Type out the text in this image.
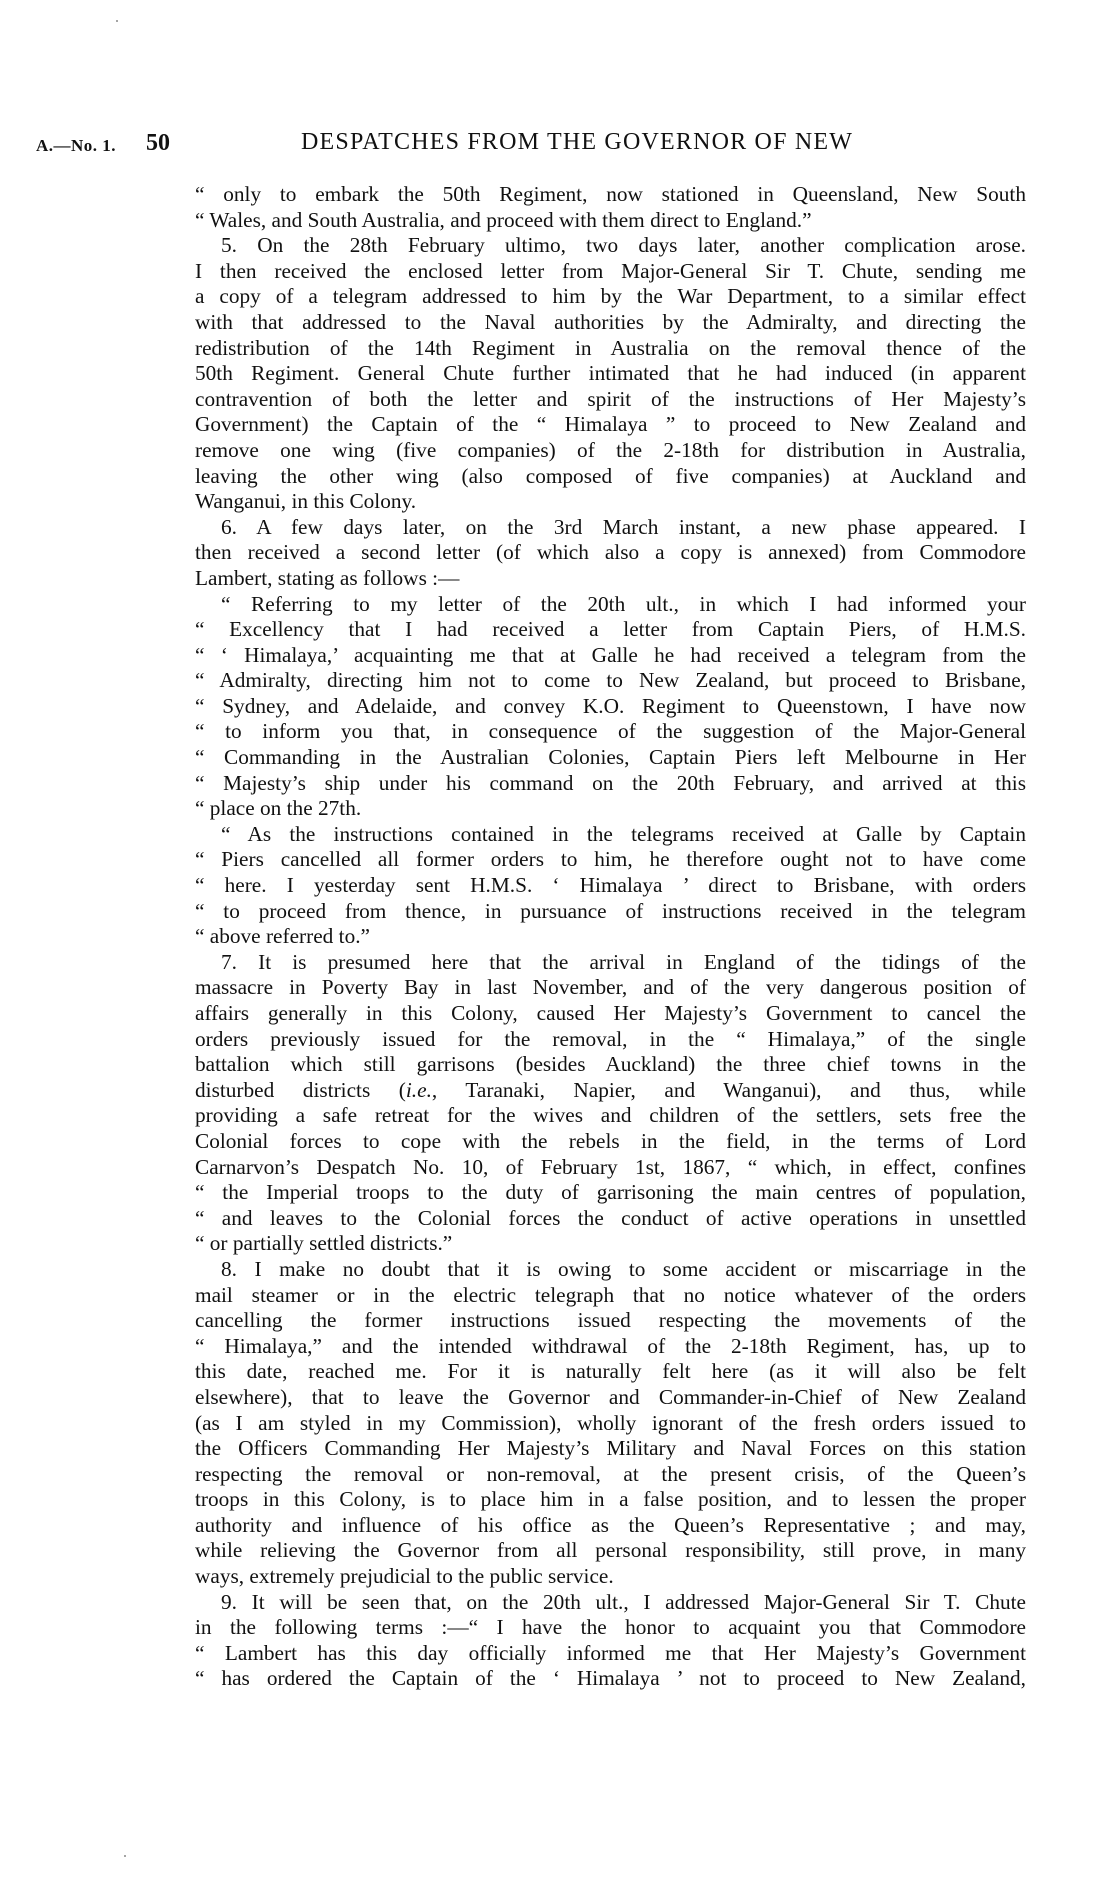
A.—No. 1. 50	DESPATCHES FROM THE GOVERNOR OF NEW
“ only to embark the 50th Regiment, now stationed in Queensland, New South
“ Wales, and South Australia, and proceed with them direct to England.”
5. On the 28th February ultimo, two days later, another complication arose.
I then received the enclosed letter from Major-General Sir T. Chute, sending me
a copy of a telegram addressed to him by the War Department, to a similar effect
with that addressed to the Naval authorities by the Admiralty, and directing the
redistribution of the 14th Regiment in Australia on the removal thence of the
50th Regiment. General Chute further intimated that he had induced (in apparent
contravention of both the letter and spirit of the instructions of Her Majesty’s
Government) the Captain of the “ Himalaya ” to proceed to New Zealand and
remove one wing (five companies) of the 2-18th for distribution in Australia,
leaving the other wing (also composed of five companies) at Auckland and
Wanganui, in this Colony.
6. A few days later, on the 3rd March instant, a new phase appeared. I
then received a second letter (of which also a copy is annexed) from Commodore
Lambert, stating as follows :—
“ Referring to my letter of the 20th ult., in which I had informed your
“ Excellency that I had received a letter from Captain Piers, of H.M.S.
“ ‘ Himalaya,’ acquainting me that at Galle he had received a telegram from the
“ Admiralty, directing him not to come to New Zealand, but proceed to Brisbane,
“ Sydney, and Adelaide, and convey K.O. Regiment to Queenstown, I have now
“ to inform you that, in consequence of the suggestion of the Major-General
“ Commanding in the Australian Colonies, Captain Piers left Melbourne in Her
“ Majesty’s ship under his command on the 20th February, and arrived at this
“ place on the 27th.
“ As the instructions contained in the telegrams received at Galle by Captain
“ Piers cancelled all former orders to him, he therefore ought not to have come
“ here. I yesterday sent H.M.S. ‘ Himalaya ’ direct to Brisbane, with orders
“ to proceed from thence, in pursuance of instructions received in the telegram
“ above referred to.”
7. It is presumed here that the arrival in England of the tidings of the
massacre in Poverty Bay in last November, and of the very dangerous position of
affairs generally in this Colony, caused Her Majesty’s Government to cancel the
orders previously issued for the removal, in the “ Himalaya,” of the single
battalion which still garrisons (besides Auckland) the three chief towns in the
disturbed districts (i.e., Taranaki, Napier, and Wanganui), and thus, while
providing a safe retreat for the wives and children of the settlers, sets free the
Colonial forces to cope with the rebels in the field, in the terms of Lord
Carnarvon’s Despatch No. 10, of February 1st, 1867, “ which, in effect, confines
“ the Imperial troops to the duty of garrisoning the main centres of population,
“ and leaves to the Colonial forces the conduct of active operations in unsettled
“ or partially settled districts.”
8. I make no doubt that it is owing to some accident or miscarriage in the
mail steamer or in the electric telegraph that no notice whatever of the orders
cancelling the former instructions issued respecting the movements of the
“ Himalaya,” and the intended withdrawal of the 2-18th Regiment, has, up to
this date, reached me. For it is naturally felt here (as it will also be felt
elsewhere), that to leave the Governor and Commander-in-Chief of New Zealand
(as I am styled in my Commission), wholly ignorant of the fresh orders issued to
the Officers Commanding Her Majesty’s Military and Naval Forces on this station
respecting the removal or non-removal, at the present crisis, of the Queen’s
troops in this Colony, is to place him in a false position, and to lessen the proper
authority and influence of his office as the Queen’s Representative ; and may,
while relieving the Governor from all personal responsibility, still prove, in many
ways, extremely prejudicial to the public service.
9. It will be seen that, on the 20th ult., I addressed Major-General Sir T. Chute
in the following terms :—“ I have the honor to acquaint you that Commodore
“ Lambert has this day officially informed me that Her Majesty’s Government
“ has ordered the Captain of the ‘ Himalaya ’ not to proceed to New Zealand,
